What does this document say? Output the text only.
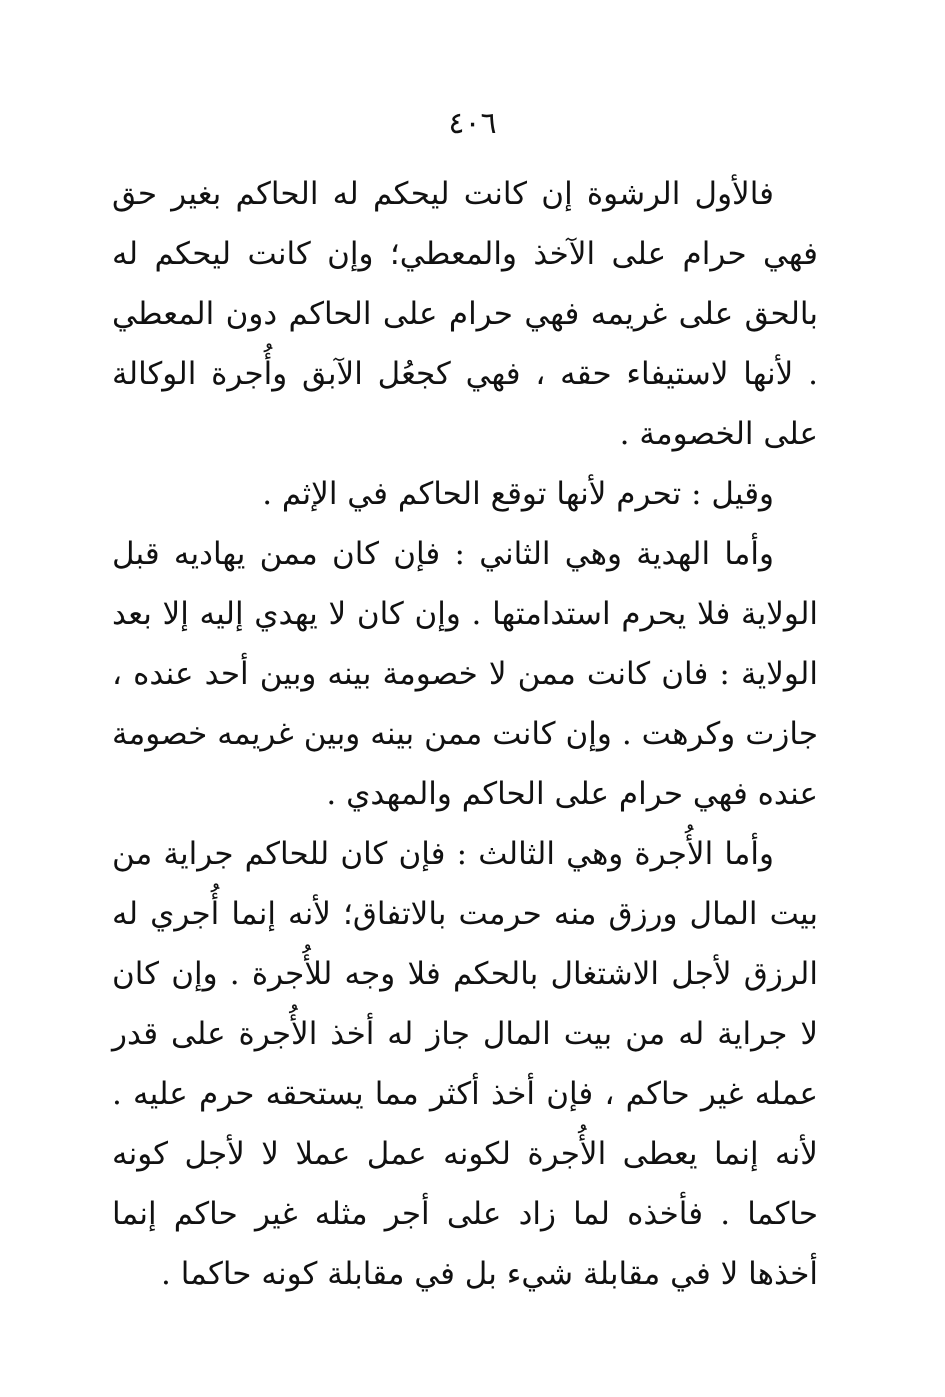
٤٠٦

فالأول الرشوة إن كانت ليحكم له الحاكم بغير حق فهي حرام على الآخذ والمعطي؛ وإن كانت ليحكم له بالحق على غريمه فهي حرام على الحاكم دون المعطي . لأنها لاستيفاء حقه ، فهي كجعُل الآبق وأُجرة الوكالة على الخصومة .

وقيل : تحرم لأنها توقع الحاكم في الإثم .

وأما الهدية وهي الثاني : فإن كان ممن يهاديه قبل الولاية فلا يحرم استدامتها . وإن كان لا يهدي إليه إلا بعد الولاية : فان كانت ممن لا خصومة بينه وبين أحد عنده ، جازت وكرهت . وإن كانت ممن بينه وبين غريمه خصومة عنده فهي حرام على الحاكم والمهدي .

وأما الأُجرة وهي الثالث : فإن كان للحاكم جراية من بيت المال ورزق منه حرمت بالاتفاق؛ لأنه إنما أُجري له الرزق لأجل الاشتغال بالحكم فلا وجه للأُجرة . وإن كان لا جراية له من بيت المال جاز له أخذ الأُجرة على قدر عمله غير حاكم ، فإن أخذ أكثر مما يستحقه حرم عليه . لأنه إنما يعطى الأُجرة لكونه عمل عملا لا لأجل كونه حاكما . فأخذه لما زاد على أجر مثله غير حاكم إنما أخذها لا في مقابلة شيء بل في مقابلة كونه حاكما .
